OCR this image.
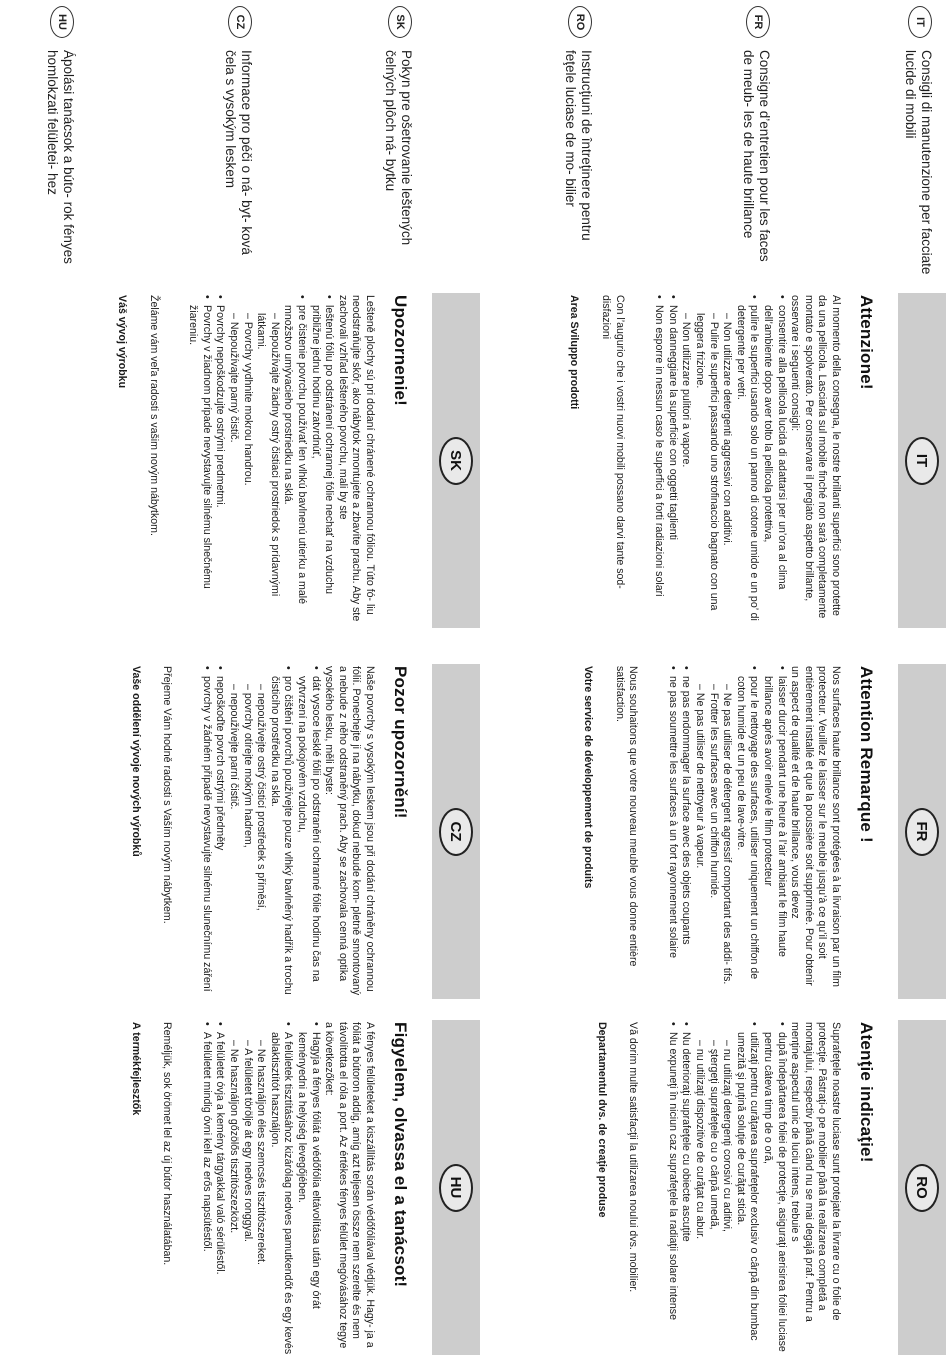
IT
Consigli di manutenzione per facciate lucide di mobili
FR
Consigne d’entretien pour les faces de meub- les de haute brillance
RO
Instrucţiuni de întreţinere pentru feţele luciase de mo- bilier
SK
Pokyn pre ošetrovanie leštených čelných plôch ná- bytku
CZ
Informace pro péči o ná- byt- ková čela s vysokým leskem
HU
Ápolási tanácsok a búto- rok fényes homlokzati felületei- hez
IT
Attenzione!

Al momento della consegna, le nostre brillanti superfici sono protette da una pellicola. Lasciarla sul mobile finché non sarà completamente montato e spolverato. Per conservare il pregiato aspetto brillante, osservare i seguenti consigli:

• consentire alla pellicola lucida di adattarsi per un’ora al clima dell’ambiente dopo aver tolto la pellicola protettiva,
• pulire le superfici usando solo un panno di cotone umido e un po’ di detergente per vetri.
– Non utilizzare detergenti aggressivi con additivi.
– Pulire le superfici passando uno strofinaccio bagnato con una leggera frizione.
– Non utilizzare pulitori a vapore.
• Non danneggiare la superficie con oggetti taglienti
• Non esporre in nessun caso le superfici a forti radiazioni solari

Con l’augurio che i vostri nuovi mobili possano darvi tante sod- disfazioni

Area Sviluppo prodotti
FR
Attention Remarque !

Nos surfaces haute brillance sont protégées à la livraison par un film protecteur. Veuillez le laisser sur le meuble jusqu’à ce qu’il soit entièrement installé et que la poussière soit supprimée. Pour obtenir un aspect de qualité et de haute brillance, vous devez

• laisser durcir pendant une heure à l’air ambiant le film haute brillance après avoir enlevé le film protecteur
• pour le nettoyage des surfaces, utiliser uniquement un chiffon de coton humide et un peu de lave-vitre.
– Ne pas utiliser de détergent agressif comportant des addi- tifs.
– Frotter les surfaces avec un chiffon humide.
– Ne pas utiliser de nettoyeur à vapeur.
• ne pas endommager la surface avec des objets coupants
• ne pas soumettre les surfaces à un fort rayonnement solaire

Nous souhaitons que votre nouveau meuble vous donne entière satisfaction.

Votre service de développement de produits
RO
Atenţie indicaţie!

Suprafeţele noastre luciase sunt protejate la livrare cu o folie de protecţie. Păstraţi-o pe mobilier până la realizarea completă a montajului, respectiv până când nu se mai degajă praf. Pentru a menţine aspectul unic de luciu intens, trebuie s

• după îndepărtarea foliei de protecţie, asiguraţi aerisirea foliei luciase pentru câteva timp de o oră,
• utilizaţi pentru curăţarea suprafeţelor exclusiv o cârpă din bumbac umezită şi puţină soluţie de curăţat sticla.
– nu utilizaţi detergenţi corosivi cu aditivi,
– ştergeţi suprafeţele cu o cârpă umedă,
– nu utilizaţi dispozitive de curăţat cu abur.
• Nu deterioraţi suprafeţele cu obiecte ascuţite
• Nu expuneţi în niciun caz suprafeţele la radiaţii solare intense

Vă dorim multe satisfacţii la utilizarea noului dvs. mobilier.

Departamentul dvs. de creaţie produse
SK
Upozornenie!

Lešteně plochy sú pri dodaní chránené ochrannou fóliou. Túto fó- liu neodstraňujte skôr, ako nábytok zmontujete a zbavíte prachu. Aby ste zachovali vzhľad lešteného povrchu, mali by ste

• leštenú fóliu po odstránení ochrannej fólie nechať na vzduchu približne jednu hodinu zatvrdnúť,
• pre čistenie povrchu používať len vlhkú bavlnenú utierku a malé množstvo umývacieho prostriedku na sklá.
– Nepoužívajte žiadny ostrý čistiaci prostriedok s prídavnými látkami.
– Povrchy vydhnite mokrou handrou.
– Nepoužívajte parný čistič.
• Povrchy nepoškodzujte ostrými predmetmi.
• Povrchy v žiadnom prípade nevystavujte silnému slnečnému žiareniu.

Želáme vám veľa radosti s vašim novým nábytkom.

Váš vývoj výrobku
CZ
Pozor upozornění!

Naše povrchy s vysokým leskem jsou při dodání chráněny ochrannou fólií. Ponechejte ji na nábytku, dokud nebude kom- pletně smontovaný a nebude z něho odstraněný prach. Aby se zachovala cenná optika vysokého lesku, měli byste:

• dát vysoce lesklé fólii po odstranění ochranné fólie hodinu čas na vytvrzení na pokojovém vzduchu,
• pro čištění povrchů používejte pouze vlhký bavlněný hadřík a trochu čisticího prostředku na skla.
– nepoužívejte ostrý čisticí prostředek s příměsí,
– povrchy otírejte mokrým hadrem,
– nepoužívejte parní čistič.
• nepoškoďte povrch ostrými předměty
• povrchy v žádném případě nevystavujte silnému slunečnímu záření

Přejeme Vám hodně radosti s Vaším novým nábytkem.

Vaše oddělení vývoje nových výrobků
HU
Figyelem, olvassa el a tanácsot!

A fényes felületeket a kiszállítás során védőfóliával védjük. Hagy- ja a fóliát a bútoron addig, amíg azt teljesen össze nem szerelte és nem távolította el róla a port. Az értékes fényes felület megóvásához tegye a következőket:

• Hagyja a fényes fóliát a védőfólia eltávolítása után egy órát keményedni a helyiség levegőjében.
• A felületek tisztításához kizárólag nedves pamutkendőt és egy kevés ablaktisztítót használjon.
– Ne használjon éles szemcsés tisztítószereket.
– A felületet törölje át egy nedves ronggyal.
– Ne használjon gőzölős tisztítószezközt.
• A felületet óvja a kemény tárgyakkal való sérüléstől.
• A felületet mindig óvni kell az erős napsütéstől.

Reméljük, sok örömet lel az új bútor használatában.

A termékfejlesztők
